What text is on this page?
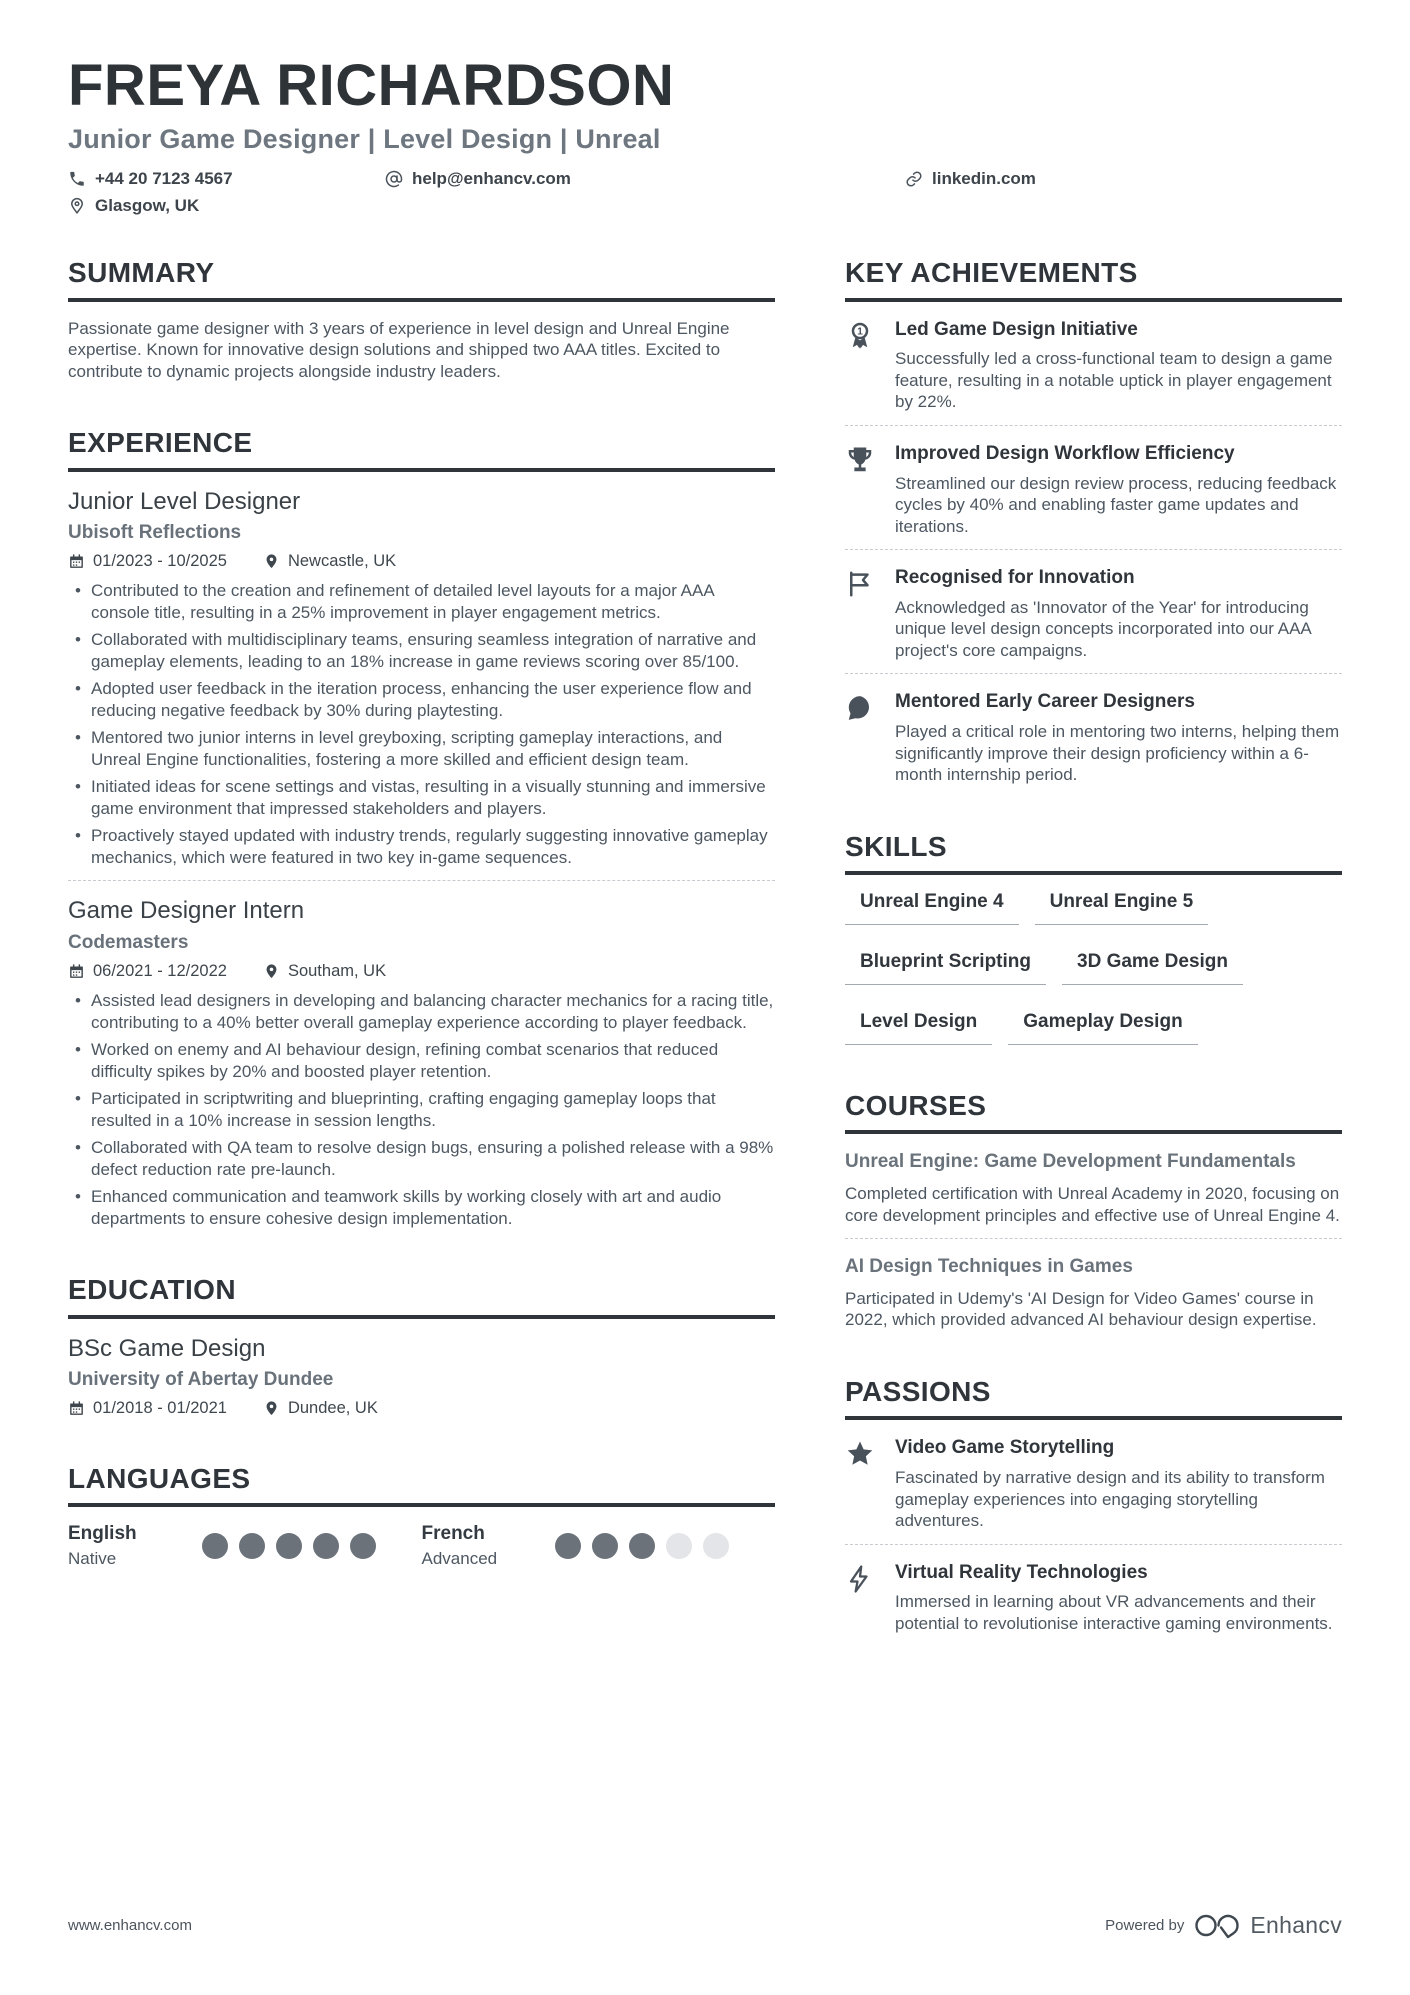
FREYA RICHARDSON
Junior Game Designer | Level Design | Unreal
+44 20 7123 4567	help@enhancv.com	linkedin.com
Glasgow, UK
SUMMARY
Passionate game designer with 3 years of experience in level design and Unreal Engine expertise. Known for innovative design solutions and shipped two AAA titles. Excited to contribute to dynamic projects alongside industry leaders.
EXPERIENCE
Junior Level Designer
Ubisoft Reflections
01/2023 - 10/2025	Newcastle, UK
• Contributed to the creation and refinement of detailed level layouts for a major AAA console title, resulting in a 25% improvement in player engagement metrics.
• Collaborated with multidisciplinary teams, ensuring seamless integration of narrative and gameplay elements, leading to an 18% increase in game reviews scoring over 85/100.
• Adopted user feedback in the iteration process, enhancing the user experience flow and reducing negative feedback by 30% during playtesting.
• Mentored two junior interns in level greyboxing, scripting gameplay interactions, and Unreal Engine functionalities, fostering a more skilled and efficient design team.
• Initiated ideas for scene settings and vistas, resulting in a visually stunning and immersive game environment that impressed stakeholders and players.
• Proactively stayed updated with industry trends, regularly suggesting innovative gameplay mechanics, which were featured in two key in-game sequences.
Game Designer Intern
Codemasters
06/2021 - 12/2022	Southam, UK
• Assisted lead designers in developing and balancing character mechanics for a racing title, contributing to a 40% better overall gameplay experience according to player feedback.
• Worked on enemy and AI behaviour design, refining combat scenarios that reduced difficulty spikes by 20% and boosted player retention.
• Participated in scriptwriting and blueprinting, crafting engaging gameplay loops that resulted in a 10% increase in session lengths.
• Collaborated with QA team to resolve design bugs, ensuring a polished release with a 98% defect reduction rate pre-launch.
• Enhanced communication and teamwork skills by working closely with art and audio departments to ensure cohesive design implementation.
EDUCATION
BSc Game Design
University of Abertay Dundee
01/2018 - 01/2021	Dundee, UK
LANGUAGES
English
Native
French
Advanced
KEY ACHIEVEMENTS
1 Led Game Design Initiative
Successfully led a cross-functional team to design a game feature, resulting in a notable uptick in player engagement by 22%.
Improved Design Workflow Efficiency
Streamlined our design review process, reducing feedback cycles by 40% and enabling faster game updates and iterations.
Recognised for Innovation
Acknowledged as 'Innovator of the Year' for introducing unique level design concepts incorporated into our AAA project's core campaigns.
Mentored Early Career Designers
Played a critical role in mentoring two interns, helping them significantly improve their design proficiency within a 6-month internship period.
SKILLS
Unreal Engine 4	Unreal Engine 5
Blueprint Scripting	3D Game Design
Level Design	Gameplay Design
COURSES
Unreal Engine: Game Development Fundamentals
Completed certification with Unreal Academy in 2020, focusing on core development principles and effective use of Unreal Engine 4.
AI Design Techniques in Games
Participated in Udemy's 'AI Design for Video Games' course in 2022, which provided advanced AI behaviour design expertise.
PASSIONS
Video Game Storytelling
Fascinated by narrative design and its ability to transform gameplay experiences into engaging storytelling adventures.
Virtual Reality Technologies
Immersed in learning about VR advancements and their potential to revolutionise interactive gaming environments.
www.enhancv.com	Powered by	Enhancv
